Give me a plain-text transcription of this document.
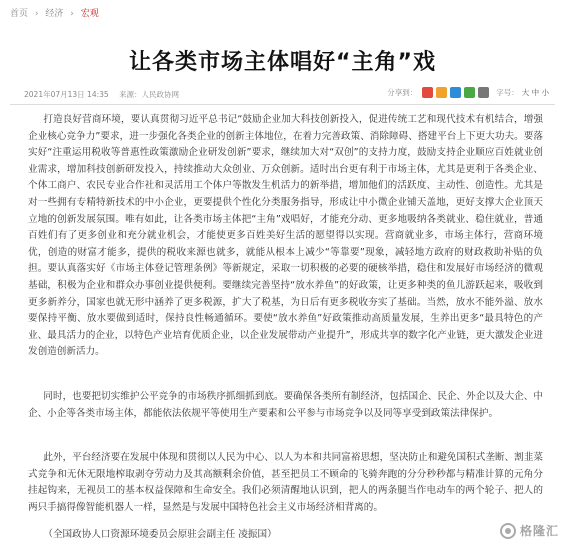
首页 › 经济 › 宏观
让各类市场主体唱好“主角”戏
2021年07月13日 14:35 来源：人民政协网	分享到：	字号： 大 中 小

打造良好营商环境，要认真贯彻习近平总书记“鼓励企业加大科技创新投入，促进传统工艺和现代技术有机结合，增强企业核心竞争力”要求，进一步强化各类企业的创新主体地位，在着力完善政策、消除障碍、搭建平台上下更大功夫。要落实好“注重运用税收等普惠性政策激励企业研发创新”要求，继续加大对“双创”的支持力度，鼓励支持企业顺应百姓就业创业需求，增加科技创新研发投入，持续推动大众创业、万众创新。适时出台更有利于市场主体，尤其是更利于各类企业、个体工商户、农民专业合作社和灵活用工个体户等散发生机活力的新举措，增加他们的活跃度、主动性、创造性。尤其是对一些拥有专精特新技术的中小企业，更要提供个性化分类服务指导，形成让中小微企业铺天盖地，更好支撑大企业顶天立地的创新发展氛围。唯有如此，让各类市场主体把“主角”戏唱好，才能充分动、更多地吸纳各类就业、稳住就业，普通百姓们有了更多创业和充分就业机会，才能使更多百姓美好生活的愿望得以实现。营商就业多，市场主体行，营商环境优，创造的财富才能多，提供的税收来源也就多，就能从根本上减少“等靠要”现象，减轻地方政府的财政救助补贴的负担。要认真落实好《市场主体登记管理条例》等新规定，采取一切积极的必要的硬核举措，稳住和发展好市场经济的微观基础，积极为企业和群众办事创业提供便利。要继续完善坚持“放水养鱼”的好政策，让更多种类的鱼儿游跃起来，吸收到更多新养分，国家也就无形中涵养了更多税源，扩大了税基，为日后有更多税收夯实了基础。当然，放水不能外溢、放水要保持平衡、放水要做到适时，保持良性畅通循环。要使“放水养鱼”好政策推动高质量发展，生养出更多“最具特色的产业、最具活力的企业，以特色产业培育优质企业，以企业发展带动产业提升”，形成共享的数字化产业链，更大激发企业迸发创造创新活力。

同时，也要把切实维护公平竞争的市场秩序抓细抓到底。要确保各类所有制经济，包括国企、民企、外企以及大企、中企、小企等各类市场主体，都能依法依规平等使用生产要素和公平参与市场竞争以及同等享受到政策法律保护。

此外，平台经济要在发展中体现和贯彻以人民为中心、以人为本和共同富裕思想，坚决防止和避免国积式垄断、割韭菜式竞争和无休无限地榨取剥夺劳动力及其高额剩余价值，甚至把员工不顾命的飞骑奔跑的分分秒秒都与精准计算的元角分挂起钩来，无视员工的基本权益保障和生命安全。我们必须清醒地认识到，把人的两条腿当作电动车的两个轮子、把人的两只手搞得像智能机器人一样，显然是与发展中国特色社会主义市场经济相背离的。

（全国政协人口资源环境委员会原驻会副主任 凌振国）	格隆汇
